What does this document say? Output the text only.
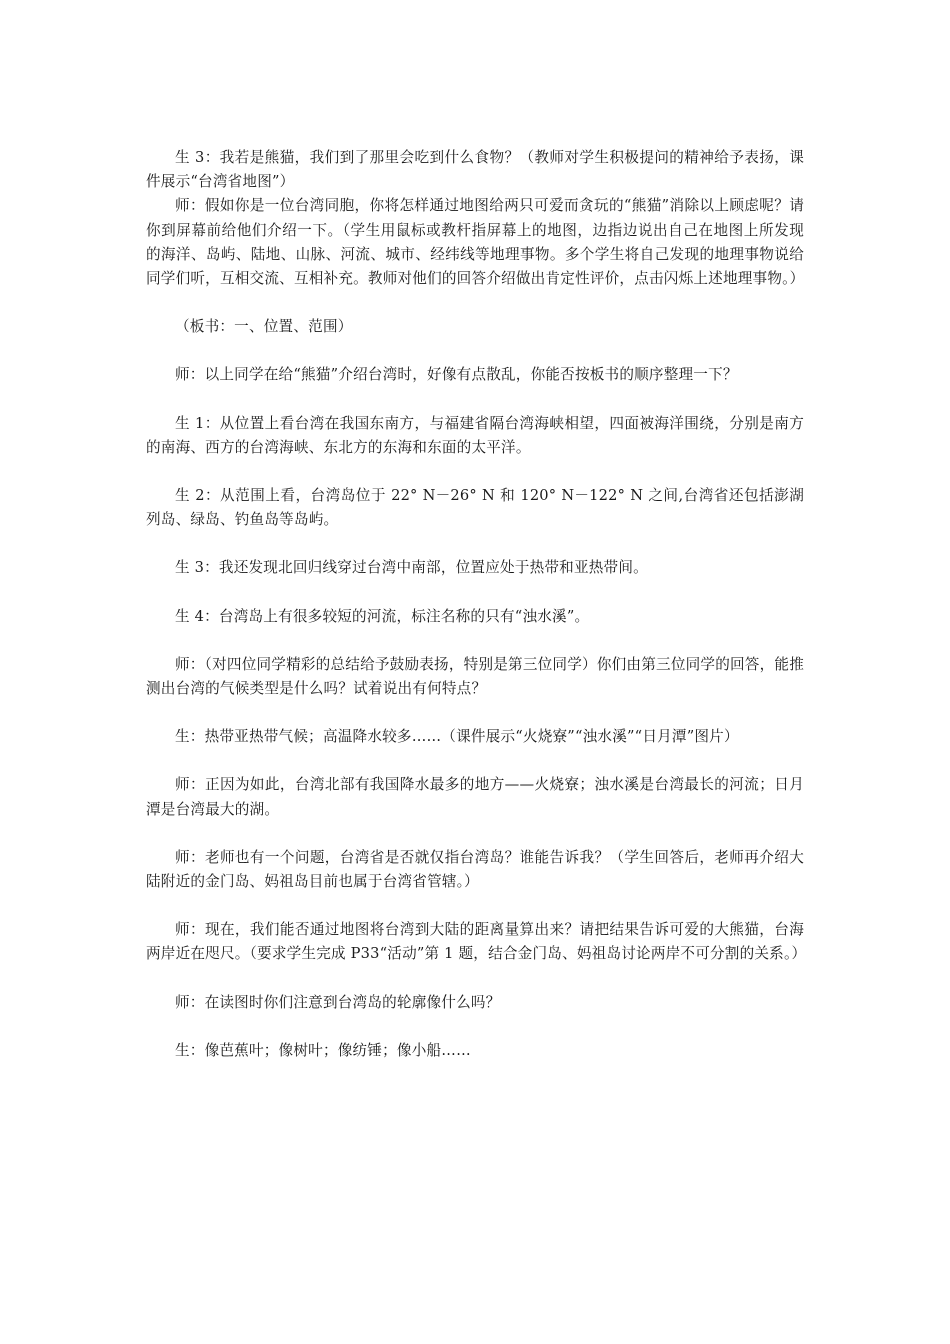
生 3：我若是熊猫，我们到了那里会吃到什么食物？（教师对学生积极提问的精神给予表扬，课件展示“台湾省地图”）

师：假如你是一位台湾同胞，你将怎样通过地图给两只可爱而贪玩的“熊猫”消除以上顾虑呢？请你到屏幕前给他们介绍一下。（学生用鼠标或教杆指屏幕上的地图，边指边说出自己在地图上所发现的海洋、岛屿、陆地、山脉、河流、城市、经纬线等地理事物。多个学生将自己发现的地理事物说给同学们听，互相交流、互相补充。教师对他们的回答介绍做出肯定性评价，点击闪烁上述地理事物。）

（板书：一、位置、范围）

师：以上同学在给“熊猫”介绍台湾时，好像有点散乱，你能否按板书的顺序整理一下？

生 1：从位置上看台湾在我国东南方，与福建省隔台湾海峡相望，四面被海洋围绕，分别是南方的南海、西方的台湾海峡、东北方的东海和东面的太平洋。

生 2：从范围上看，台湾岛位于 22° N－26° N 和 120° N－122° N 之间,台湾省还包括澎湖列岛、绿岛、钓鱼岛等岛屿。

生 3：我还发现北回归线穿过台湾中南部，位置应处于热带和亚热带间。

生 4：台湾岛上有很多较短的河流，标注名称的只有“浊水溪”。

师：（对四位同学精彩的总结给予鼓励表扬，特别是第三位同学）你们由第三位同学的回答，能推测出台湾的气候类型是什么吗？试着说出有何特点？

生：热带亚热带气候；高温降水较多……（课件展示“火烧寮”“浊水溪”“日月潭”图片）

师：正因为如此，台湾北部有我国降水最多的地方——火烧寮；浊水溪是台湾最长的河流；日月潭是台湾最大的湖。

师：老师也有一个问题，台湾省是否就仅指台湾岛？谁能告诉我？（学生回答后，老师再介绍大陆附近的金门岛、妈祖岛目前也属于台湾省管辖。）

师：现在，我们能否通过地图将台湾到大陆的距离量算出来？请把结果告诉可爱的大熊猫，台海两岸近在咫尺。（要求学生完成 P33“活动”第 1 题，结合金门岛、妈祖岛讨论两岸不可分割的关系。）

师：在读图时你们注意到台湾岛的轮廓像什么吗？

生：像芭蕉叶；像树叶；像纺锤；像小船……
